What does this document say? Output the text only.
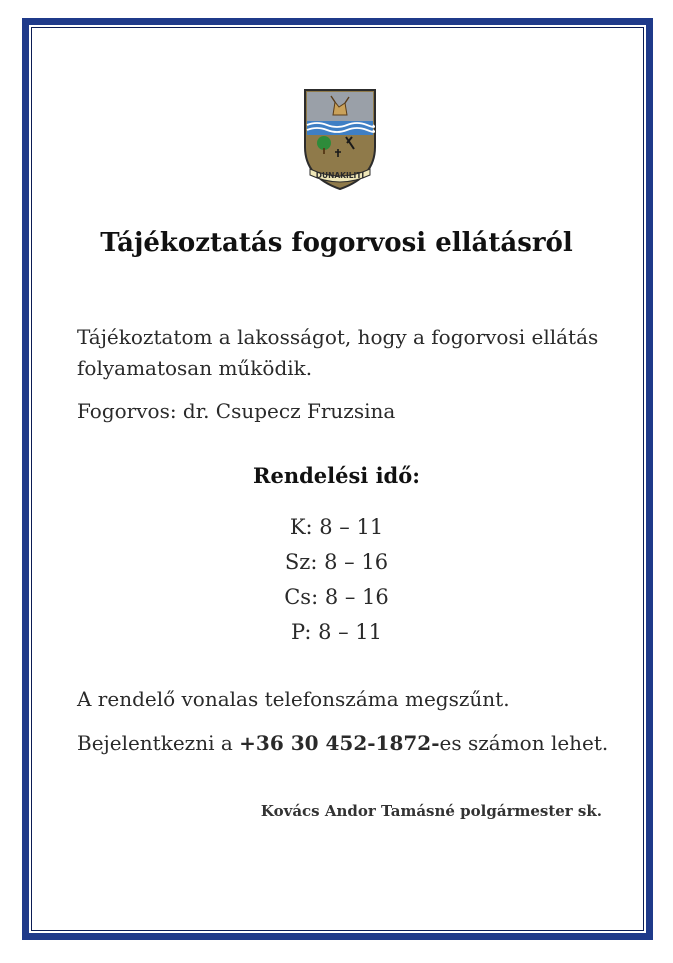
DUNAKILITI
Tájékoztatás fogorvosi ellátásról
Tájékoztatom a lakosságot, hogy a fogorvosi ellátás folyamatosan működik.
Fogorvos: dr. Csupecz Fruzsina
Rendelési idő:
K: 8 – 11
Sz: 8 – 16
Cs: 8 – 16
P: 8 – 11
A rendelő vonalas telefonszáma megszűnt.
Bejelentkezni a +36 30 452-1872-es számon lehet.
Kovács Andor Tamásné polgármester sk.
